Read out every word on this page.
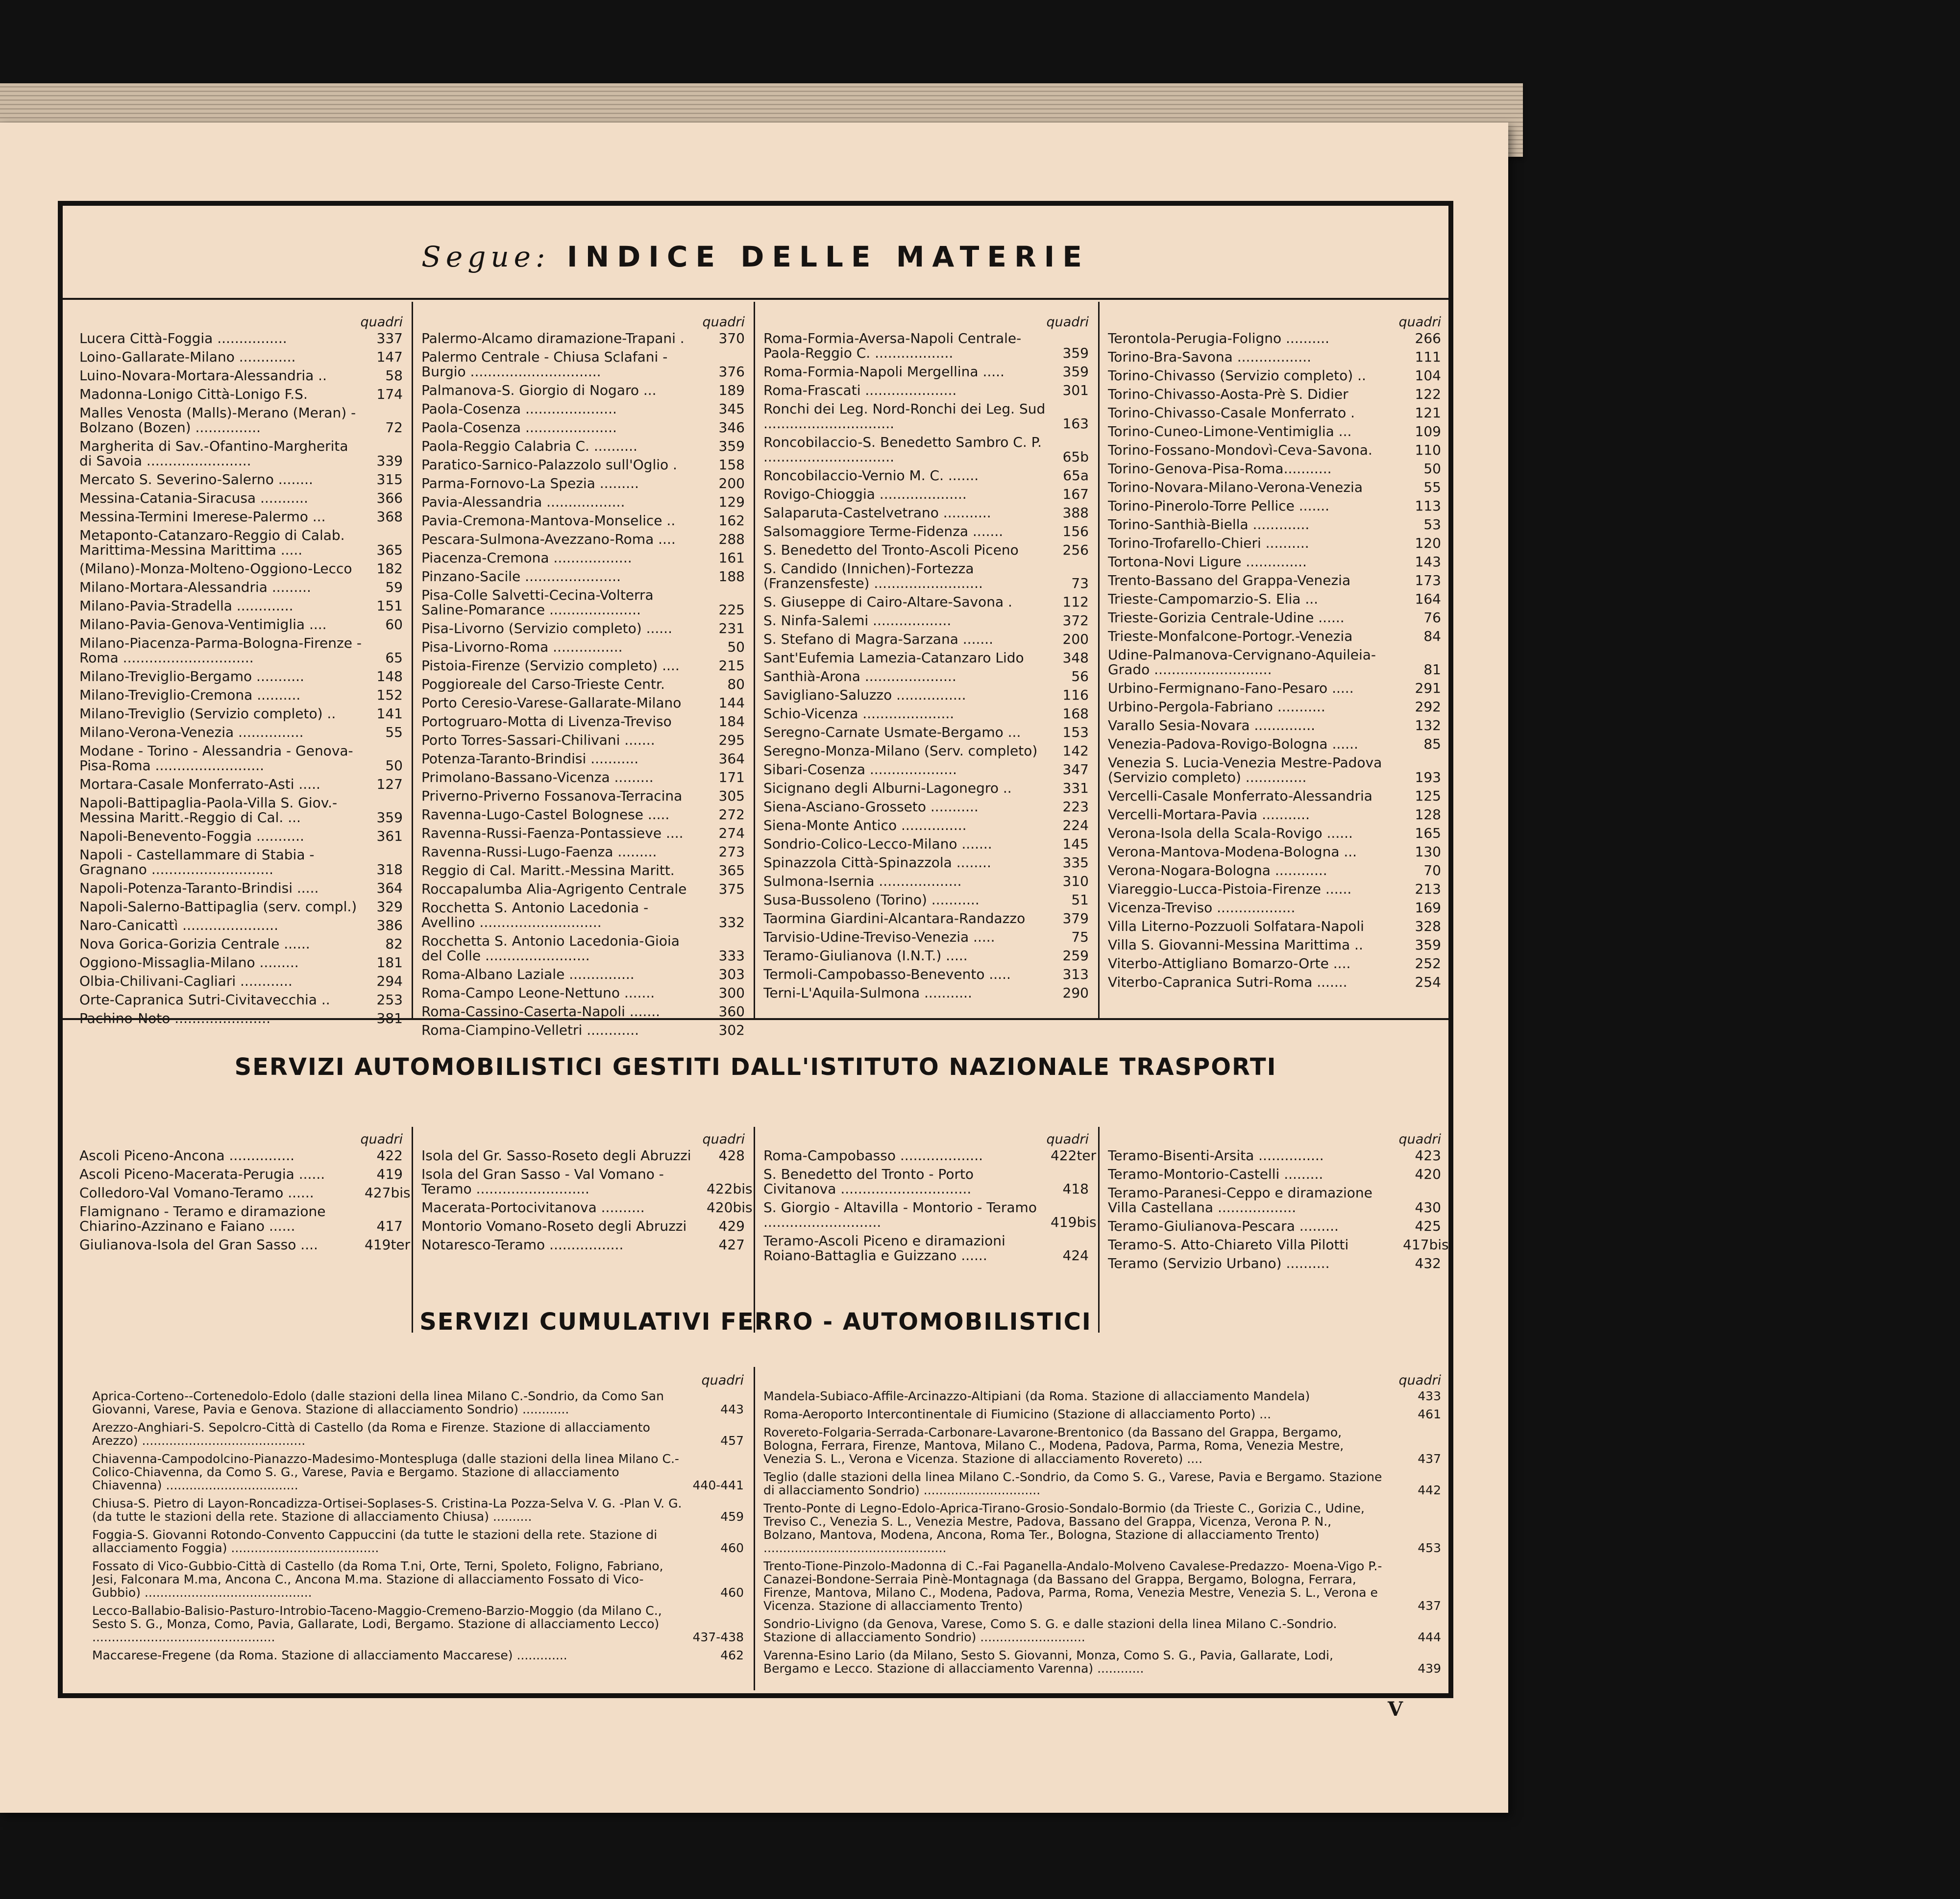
Segue: INDICE DELLE MATERIE
quadri
Lucera Città-Foggia ................	337
Loino-Gallarate-Milano .............	147
Luino-Novara-Mortara-Alessandria ..	58
Madonna-Lonigo Città-Lonigo F.S.	174
Malles Venosta (Malls)-Merano (Meran) -Bolzano (Bozen) ...............	72
Margherita di Sav.-Ofantino-Margherita di Savoia ........................	339
Mercato S. Severino-Salerno ........	315
Messina-Catania-Siracusa ...........	366
Messina-Termini Imerese-Palermo ...	368
Metaponto-Catanzaro-Reggio di Calab. Marittima-Messina Marittima .....	365
(Milano)-Monza-Molteno-Oggiono-Lecco	182
Milano-Mortara-Alessandria .........	59
Milano-Pavia-Stradella .............	151
Milano-Pavia-Genova-Ventimiglia ....	60
Milano-Piacenza-Parma-Bologna-Firenze -Roma ..............................	65
Milano-Treviglio-Bergamo ...........	148
Milano-Treviglio-Cremona ..........	152
Milano-Treviglio (Servizio completo) ..	141
Milano-Verona-Venezia ...............	55
Modane - Torino - Alessandria - Genova- Pisa-Roma .........................	50
Mortara-Casale Monferrato-Asti .....	127
Napoli-Battipaglia-Paola-Villa S. Giov.- Messina Maritt.-Reggio di Cal. ...	359
Napoli-Benevento-Foggia ...........	361
Napoli - Castellammare di Stabia - Gragnano ............................	318
Napoli-Potenza-Taranto-Brindisi .....	364
Napoli-Salerno-Battipaglia (serv. compl.)	329
Naro-Canicattì ......................	386
Nova Gorica-Gorizia Centrale ......	82
Oggiono-Missaglia-Milano .........	181
Olbia-Chilivani-Cagliari ............	294
Orte-Capranica Sutri-Civitavecchia ..	253
Pachino-Noto ......................	381
quadri
Palermo-Alcamo diramazione-Trapani .	370
Palermo Centrale - Chiusa Sclafani - Burgio ..............................	376
Palmanova-S. Giorgio di Nogaro ...	189
Paola-Cosenza .....................	345
Paola-Cosenza .....................	346
Paola-Reggio Calabria C. ..........	359
Paratico-Sarnico-Palazzolo sull'Oglio .	158
Parma-Fornovo-La Spezia .........	200
Pavia-Alessandria ..................	129
Pavia-Cremona-Mantova-Monselice ..	162
Pescara-Sulmona-Avezzano-Roma ....	288
Piacenza-Cremona ..................	161
Pinzano-Sacile ......................	188
Pisa-Colle Salvetti-Cecina-Volterra Saline-Pomarance .....................	225
Pisa-Livorno (Servizio completo) ......	231
Pisa-Livorno-Roma ................	50
Pistoia-Firenze (Servizio completo) ....	215
Poggioreale del Carso-Trieste Centr.	80
Porto Ceresio-Varese-Gallarate-Milano	144
Portogruaro-Motta di Livenza-Treviso	184
Porto Torres-Sassari-Chilivani .......	295
Potenza-Taranto-Brindisi ...........	364
Primolano-Bassano-Vicenza .........	171
Priverno-Priverno Fossanova-Terracina	305
Ravenna-Lugo-Castel Bolognese .....	272
Ravenna-Russi-Faenza-Pontassieve ....	274
Ravenna-Russi-Lugo-Faenza .........	273
Reggio di Cal. Maritt.-Messina Maritt.	365
Roccapalumba Alia-Agrigento Centrale	375
Rocchetta S. Antonio Lacedonia - Avellino ............................	332
Rocchetta S. Antonio Lacedonia-Gioia del Colle ........................	333
Roma-Albano Laziale ...............	303
Roma-Campo Leone-Nettuno .......	300
Roma-Cassino-Caserta-Napoli .......	360
Roma-Ciampino-Velletri ............	302
quadri
Roma-Formia-Aversa-Napoli Centrale- Paola-Reggio C. ..................	359
Roma-Formia-Napoli Mergellina .....	359
Roma-Frascati .....................	301
Ronchi dei Leg. Nord-Ronchi dei Leg. Sud ..............................	163
Roncobilaccio-S. Benedetto Sambro C. P. ..............................	65b
Roncobilaccio-Vernio M. C. .......	65a
Rovigo-Chioggia ....................	167
Salaparuta-Castelvetrano ...........	388
Salsomaggiore Terme-Fidenza .......	156
S. Benedetto del Tronto-Ascoli Piceno	256
S. Candido (Innichen)-Fortezza (Franzensfeste) .........................	73
S. Giuseppe di Cairo-Altare-Savona .	112
S. Ninfa-Salemi ..................	372
S. Stefano di Magra-Sarzana .......	200
Sant'Eufemia Lamezia-Catanzaro Lido	348
Santhià-Arona .....................	56
Savigliano-Saluzzo ................	116
Schio-Vicenza .....................	168
Seregno-Carnate Usmate-Bergamo ...	153
Seregno-Monza-Milano (Serv. completo)	142
Sibari-Cosenza ....................	347
Sicignano degli Alburni-Lagonegro ..	331
Siena-Asciano-Grosseto ...........	223
Siena-Monte Antico ...............	224
Sondrio-Colico-Lecco-Milano .......	145
Spinazzola Città-Spinazzola ........	335
Sulmona-Isernia ...................	310
Susa-Bussoleno (Torino) ...........	51
Taormina Giardini-Alcantara-Randazzo	379
Tarvisio-Udine-Treviso-Venezia .....	75
Teramo-Giulianova (I.N.T.) .....	259
Termoli-Campobasso-Benevento .....	313
Terni-L'Aquila-Sulmona ...........	290
quadri
Terontola-Perugia-Foligno ..........	266
Torino-Bra-Savona .................	111
Torino-Chivasso (Servizio completo) ..	104
Torino-Chivasso-Aosta-Prè S. Didier	122
Torino-Chivasso-Casale Monferrato .	121
Torino-Cuneo-Limone-Ventimiglia ...	109
Torino-Fossano-Mondovì-Ceva-Savona.	110
Torino-Genova-Pisa-Roma...........	50
Torino-Novara-Milano-Verona-Venezia	55
Torino-Pinerolo-Torre Pellice .......	113
Torino-Santhià-Biella .............	53
Torino-Trofarello-Chieri ..........	120
Tortona-Novi Ligure ..............	143
Trento-Bassano del Grappa-Venezia	173
Trieste-Campomarzio-S. Elia ...	164
Trieste-Gorizia Centrale-Udine ......	76
Trieste-Monfalcone-Portogr.-Venezia	84
Udine-Palmanova-Cervignano-Aquileia-Grado ...........................	81
Urbino-Fermignano-Fano-Pesaro .....	291
Urbino-Pergola-Fabriano ...........	292
Varallo Sesia-Novara ..............	132
Venezia-Padova-Rovigo-Bologna ......	85
Venezia S. Lucia-Venezia Mestre-Padova (Servizio completo) ..............	193
Vercelli-Casale Monferrato-Alessandria	125
Vercelli-Mortara-Pavia ...........	128
Verona-Isola della Scala-Rovigo ......	165
Verona-Mantova-Modena-Bologna ...	130
Verona-Nogara-Bologna ............	70
Viareggio-Lucca-Pistoia-Firenze ......	213
Vicenza-Treviso ..................	169
Villa Literno-Pozzuoli Solfatara-Napoli	328
Villa S. Giovanni-Messina Marittima ..	359
Viterbo-Attigliano Bomarzo-Orte ....	252
Viterbo-Capranica Sutri-Roma .......	254
SERVIZI AUTOMOBILISTICI GESTITI DALL'ISTITUTO NAZIONALE TRASPORTI
quadri
Ascoli Piceno-Ancona ...............	422
Ascoli Piceno-Macerata-Perugia ......	419
Colledoro-Val Vomano-Teramo ......	427bis
Flamignano - Teramo e diramazione Chiarino-Azzinano e Faiano ......	417
Giulianova-Isola del Gran Sasso ....	419ter
quadri
Isola del Gr. Sasso-Roseto degli Abruzzi	428
Isola del Gran Sasso - Val Vomano - Teramo ..........................	422bis
Macerata-Portocivitanova ..........	420bis
Montorio Vomano-Roseto degli Abruzzi	429
Notaresco-Teramo .................	427
quadri
Roma-Campobasso ...................	422ter
S. Benedetto del Tronto - Porto Civitanova ..............................	418
S. Giorgio - Altavilla - Montorio - Teramo ...........................	419bis
Teramo-Ascoli Piceno e diramazioni Roiano-Battaglia e Guizzano ......	424
quadri
Teramo-Bisenti-Arsita ...............	423
Teramo-Montorio-Castelli .........	420
Teramo-Paranesi-Ceppo e diramazione Villa Castellana ..................	430
Teramo-Giulianova-Pescara .........	425
Teramo-S. Atto-Chiareto Villa Pilotti	417bis
Teramo (Servizio Urbano) ..........	432
SERVIZI CUMULATIVI FERRO - AUTOMOBILISTICI
quadri
Aprica-Corteno--Cortenedolo-Edolo (dalle stazioni della linea Milano C.-Sondrio, da Como San Giovanni, Varese, Pavia e Genova. Stazione di allacciamento Sondrio) ............	443
Arezzo-Anghiari-S. Sepolcro-Città di Castello (da Roma e Firenze. Stazione di allacciamento Arezzo) ..........................................	457
Chiavenna-Campodolcino-Pianazzo-Madesimo-Montespluga (dalle stazioni della linea Milano C.-Colico-Chiavenna, da Como S. G., Varese, Pavia e Bergamo. Stazione di allacciamento Chiavenna) ..................................	440-441
Chiusa-S. Pietro di Layon-Roncadizza-Ortisei-Soplases-S. Cristina-La Pozza-Selva V. G. -Plan V. G. (da tutte le stazioni della rete. Stazione di allacciamento Chiusa) ..........	459
Foggia-S. Giovanni Rotondo-Convento Cappuccini (da tutte le stazioni della rete. Stazione di allacciamento Foggia) ......................................	460
Fossato di Vico-Gubbio-Città di Castello (da Roma T.ni, Orte, Terni, Spoleto, Foligno, Fabriano, Jesi, Falconara M.ma, Ancona C., Ancona M.ma. Stazione di allacciamento Fossato di Vico-Gubbio) ...........................................	460
Lecco-Ballabio-Balisio-Pasturo-Introbio-Taceno-Maggio-Cremeno-Barzio-Moggio (da Milano C., Sesto S. G., Monza, Como, Pavia, Gallarate, Lodi, Bergamo. Stazione di allacciamento Lecco) ...............................................	437-438
Maccarese-Fregene (da Roma. Stazione di allacciamento Maccarese) .............	462
quadri
Mandela-Subiaco-Affile-Arcinazzo-Altipiani (da Roma. Stazione di allacciamento Mandela)	433
Roma-Aeroporto Intercontinentale di Fiumicino (Stazione di allacciamento Porto) ...	461
Rovereto-Folgaria-Serrada-Carbonare-Lavarone-Brentonico (da Bassano del Grappa, Bergamo, Bologna, Ferrara, Firenze, Mantova, Milano C., Modena, Padova, Parma, Roma, Venezia Mestre, Venezia S. L., Verona e Vicenza. Stazione di allacciamento Rovereto) ....	437
Teglio (dalle stazioni della linea Milano C.-Sondrio, da Como S. G., Varese, Pavia e Bergamo. Stazione di allacciamento Sondrio) ..............................	442
Trento-Ponte di Legno-Edolo-Aprica-Tirano-Grosio-Sondalo-Bormio (da Trieste C., Gorizia C., Udine, Treviso C., Venezia S. L., Venezia Mestre, Padova, Bassano del Grappa, Vicenza, Verona P. N., Bolzano, Mantova, Modena, Ancona, Roma Ter., Bologna, Stazione di allacciamento Trento) ...............................................	453
Trento-Tione-Pinzolo-Madonna di C.-Fai Paganella-Andalo-Molveno Cavalese-Predazzo- Moena-Vigo P.-Canazei-Bondone-Serraia Pinè-Montagnaga (da Bassano del Grappa, Bergamo, Bologna, Ferrara, Firenze, Mantova, Milano C., Modena, Padova, Parma, Roma, Venezia Mestre, Venezia S. L., Verona e Vicenza. Stazione di allacciamento Trento)	437
Sondrio-Livigno (da Genova, Varese, Como S. G. e dalle stazioni della linea Milano C.-Sondrio. Stazione di allacciamento Sondrio) ...........................	444
Varenna-Esino Lario (da Milano, Sesto S. Giovanni, Monza, Como S. G., Pavia, Gallarate, Lodi, Bergamo e Lecco. Stazione di allacciamento Varenna) ............	439
V
